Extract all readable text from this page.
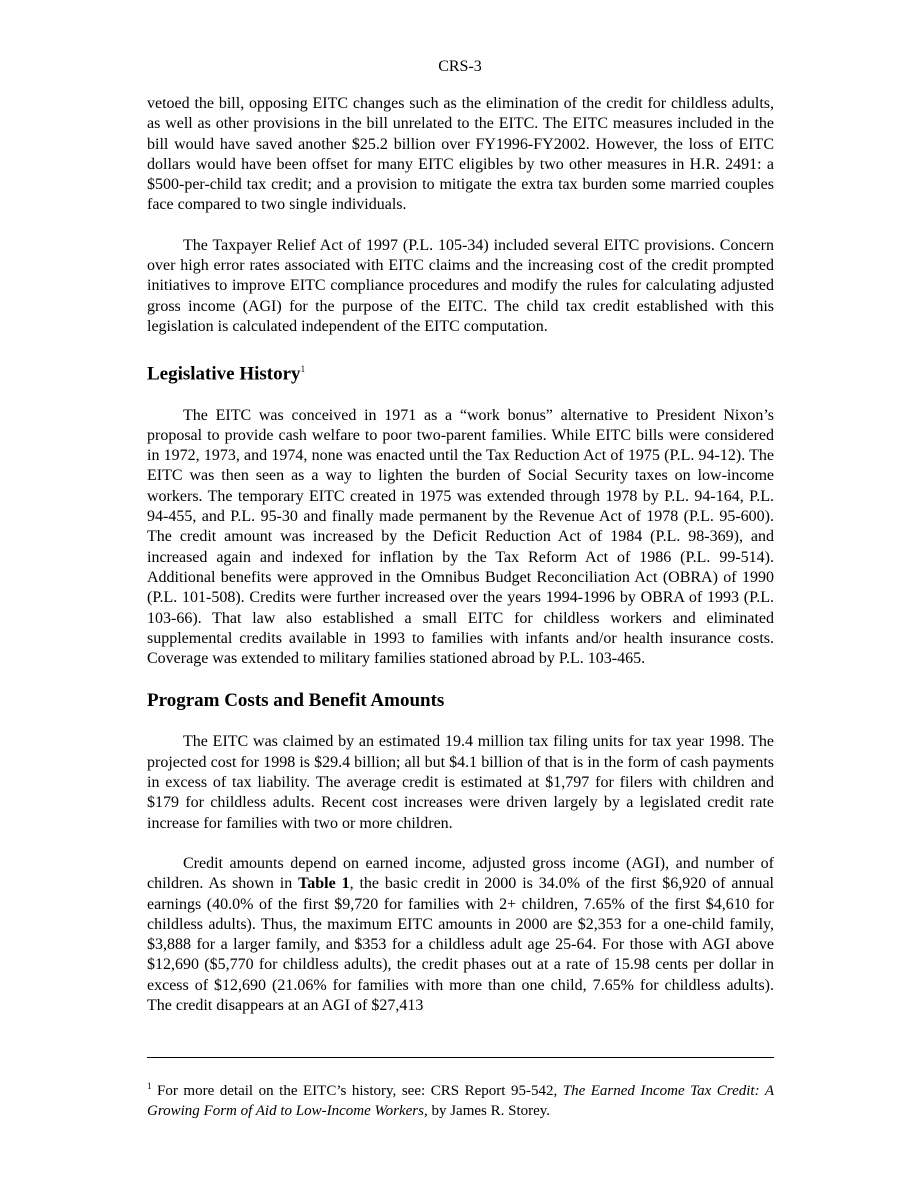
CRS-3

vetoed the bill, opposing EITC changes such as the elimination of the credit for childless adults, as well as other provisions in the bill unrelated to the EITC. The EITC measures included in the bill would have saved another $25.2 billion over FY1996-FY2002. However, the loss of EITC dollars would have been offset for many EITC eligibles by two other measures in H.R. 2491: a $500-per-child tax credit; and a provision to mitigate the extra tax burden some married couples face compared to two single individuals.

The Taxpayer Relief Act of 1997 (P.L. 105-34) included several EITC provisions. Concern over high error rates associated with EITC claims and the increasing cost of the credit prompted initiatives to improve EITC compliance procedures and modify the rules for calculating adjusted gross income (AGI) for the purpose of the EITC. The child tax credit established with this legislation is calculated independent of the EITC computation.

Legislative History$^1$

The EITC was conceived in 1971 as a “work bonus” alternative to President Nixon’s proposal to provide cash welfare to poor two-parent families. While EITC bills were considered in 1972, 1973, and 1974, none was enacted until the Tax Reduction Act of 1975 (P.L. 94-12). The EITC was then seen as a way to lighten the burden of Social Security taxes on low-income workers. The temporary EITC created in 1975 was extended through 1978 by P.L. 94-164, P.L. 94-455, and P.L. 95-30 and finally made permanent by the Revenue Act of 1978 (P.L. 95-600). The credit amount was increased by the Deficit Reduction Act of 1984 (P.L. 98-369), and increased again and indexed for inflation by the Tax Reform Act of 1986 (P.L. 99-514). Additional benefits were approved in the Omnibus Budget Reconciliation Act (OBRA) of 1990 (P.L. 101-508). Credits were further increased over the years 1994-1996 by OBRA of 1993 (P.L. 103-66). That law also established a small EITC for childless workers and eliminated supplemental credits available in 1993 to families with infants and/or health insurance costs. Coverage was extended to military families stationed abroad by P.L. 103-465.

Program Costs and Benefit Amounts

The EITC was claimed by an estimated 19.4 million tax filing units for tax year 1998. The projected cost for 1998 is $29.4 billion; all but $4.1 billion of that is in the form of cash payments in excess of tax liability. The average credit is estimated at $1,797 for filers with children and $179 for childless adults. Recent cost increases were driven largely by a legislated credit rate increase for families with two or more children.

Credit amounts depend on earned income, adjusted gross income (AGI), and number of children. As shown in Table 1, the basic credit in 2000 is 34.0% of the first $6,920 of annual earnings (40.0% of the first $9,720 for families with 2+ children, 7.65% of the first $4,610 for childless adults). Thus, the maximum EITC amounts in 2000 are $2,353 for a one-child family, $3,888 for a larger family, and $353 for a childless adult age 25-64. For those with AGI above $12,690 ($5,770 for childless adults), the credit phases out at a rate of 15.98 cents per dollar in excess of $12,690 (21.06% for families with more than one child, 7.65% for childless adults). The credit disappears at an AGI of $27,413

$^1$ For more detail on the EITC’s history, see: CRS Report 95-542, The Earned Income Tax Credit: A Growing Form of Aid to Low-Income Workers, by James R. Storey.
